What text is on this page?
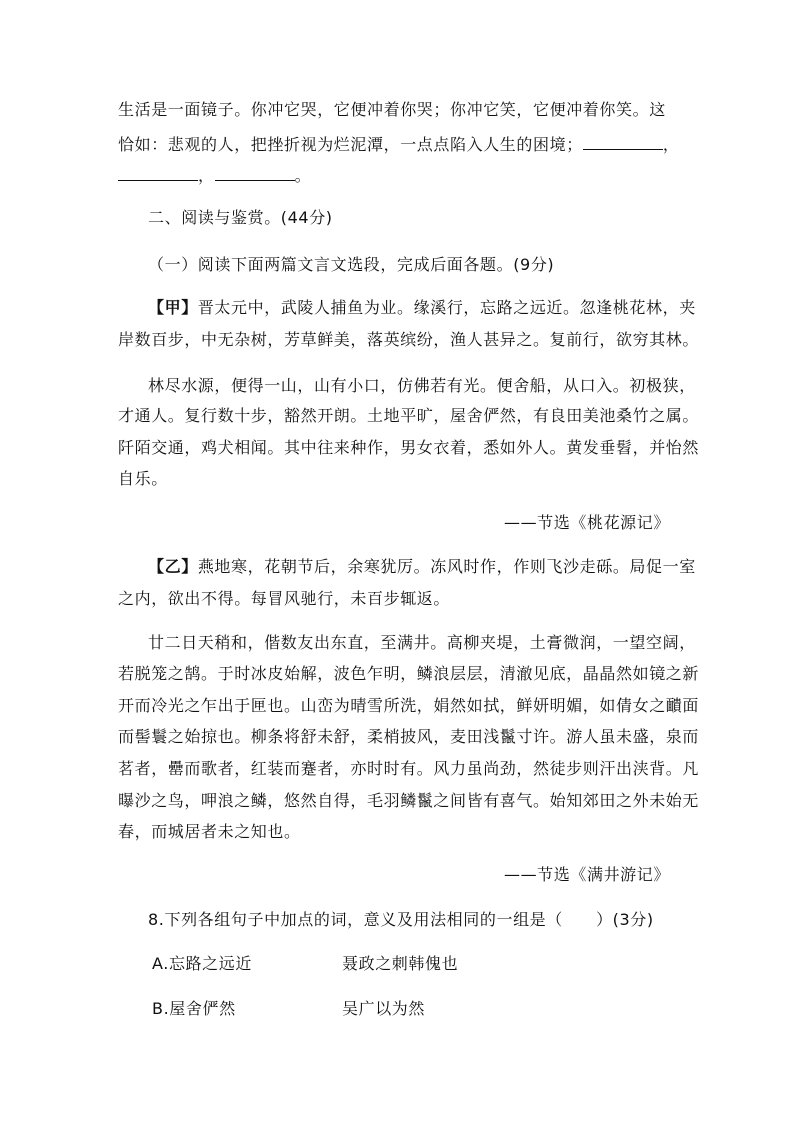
生活是一面镜子。你冲它哭，它便冲着你哭；你冲它笑，它便冲着你笑。这
恰如：悲观的人，把挫折视为烂泥潭，一点点陷入人生的困境；	，
，	。
二、阅读与鉴赏。(44分)
（一）阅读下面两篇文言文选段，完成后面各题。(9分)
【甲】晋太元中，武陵人捕鱼为业。缘溪行，忘路之远近。忽逢桃花林，夹
岸数百步，中无杂树，芳草鲜美，落英缤纷，渔人甚异之。复前行，欲穷其林。
林尽水源，便得一山，山有小口，仿佛若有光。便舍船，从口入。初极狭，
才通人。复行数十步，豁然开朗。土地平旷，屋舍俨然，有良田美池桑竹之属。
阡陌交通，鸡犬相闻。其中往来种作，男女衣着，悉如外人。黄发垂髫，并怡然
自乐。
——节选《桃花源记》
【乙】燕地寒，花朝节后，余寒犹厉。冻风时作，作则飞沙走砾。局促一室
之内，欲出不得。每冒风驰行，未百步辄返。
廿二日天稍和，偕数友出东直，至满井。高柳夹堤，土膏微润，一望空阔，
若脱笼之鹄。于时冰皮始解，波色乍明，鳞浪层层，清澈见底，晶晶然如镜之新
开而冷光之乍出于匣也。山峦为晴雪所洗，娟然如拭，鲜妍明媚，如倩女之靧面
而髻鬟之始掠也。柳条将舒未舒，柔梢披风，麦田浅鬣寸许。游人虽未盛，泉而
茗者，罍而歌者，红装而蹇者，亦时时有。风力虽尚劲，然徒步则汗出浃背。凡
曝沙之鸟，呷浪之鳞，悠然自得，毛羽鳞鬣之间皆有喜气。始知郊田之外未始无
春，而城居者未之知也。
——节选《满井游记》
8.下列各组句子中加点的词，意义及用法相同的一组是（　　）(3分)
A.忘路之远近	聂政之刺韩傀也
B.屋舍俨然	吴广以为然
